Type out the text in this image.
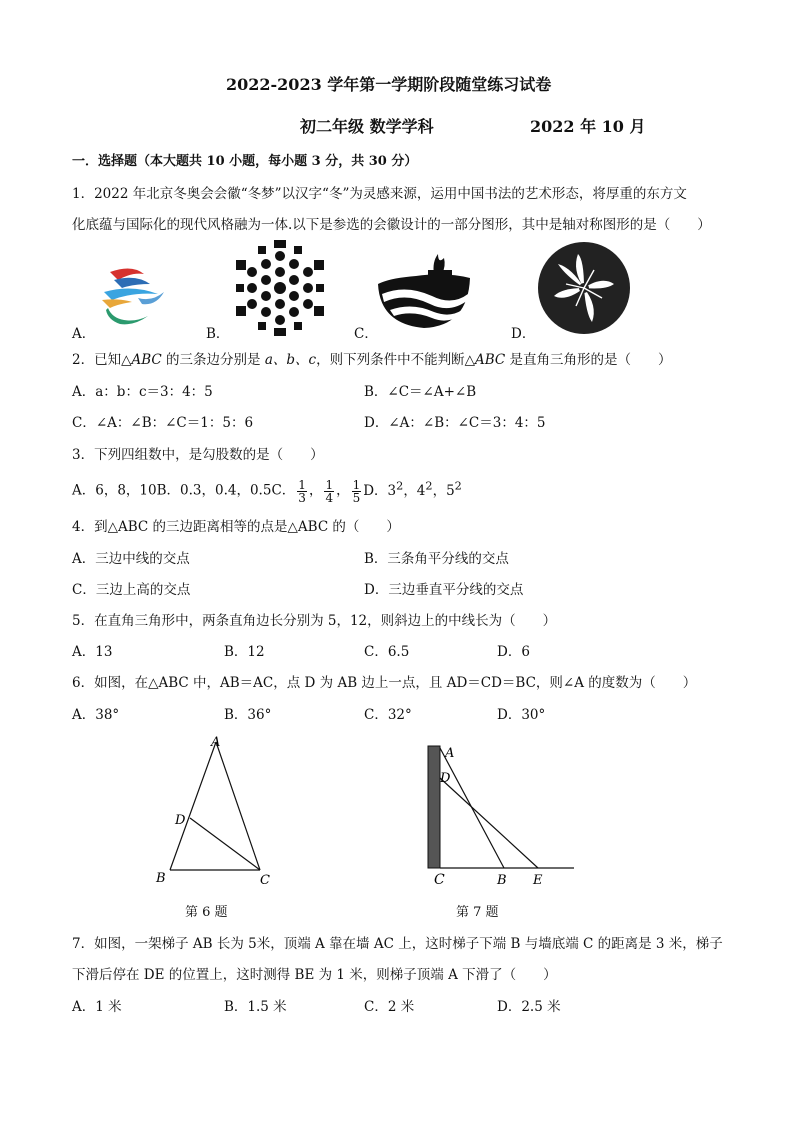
2022-2023 学年第一学期阶段随堂练习试卷
初二年级 数学学科	2022 年 10 月
一．选择题（本大题共 10 小题，每小题 3 分，共 30 分）
1．2022 年北京冬奥会会徽“冬梦”以汉字“冬”为灵感来源，运用中国书法的艺术形态，将厚重的东方文
化底蕴与国际化的现代风格融为一体.以下是参选的会徽设计的一部分图形，其中是轴对称图形的是（　　）
A．	B．	C．	D．
2．已知△ABC 的三条边分别是 a、b、c，则下列条件中不能判断△ABC 是直角三角形的是（　　）
A．a：b：c＝3：4：5	B．∠C＝∠A+∠B
C．∠A：∠B：∠C＝1：5：6	D．∠A：∠B：∠C＝3：4：5
3．下列四组数中，是勾股数的是（　　）
A．6，8，10B．0.3，0.4，0.5C． $\frac{1}{3}$ ， $\frac{1}{4}$ ， $\frac{1}{5}$ D．$3^2$，$4^2$，$5^2$
4．到△ABC 的三边距离相等的点是△ABC 的（　　）
A．三边中线的交点	B．三条角平分线的交点
C．三边上高的交点	D．三边垂直平分线的交点
5．在直角三角形中，两条直角边长分别为 5，12，则斜边上的中线长为（　　）
A．13	B．12	C．6.5	D．6
6．如图，在△ABC 中，AB＝AC，点 D 为 AB 边上一点，且 AD＝CD＝BC，则∠A 的度数为（　　）
A．38°	B．36°	C．32°	D．30°
A
D
B	C
第 6 题
A
D
C	B E
第 7 题
7．如图，一架梯子 AB 长为 5米，顶端 A 靠在墙 AC 上，这时梯子下端 B 与墙底端 C 的距离是 3 米，梯子
下滑后停在 DE 的位置上，这时测得 BE 为 1 米，则梯子顶端 A 下滑了（　　）
A．1 米	B．1.5 米	C．2 米	D．2.5 米
